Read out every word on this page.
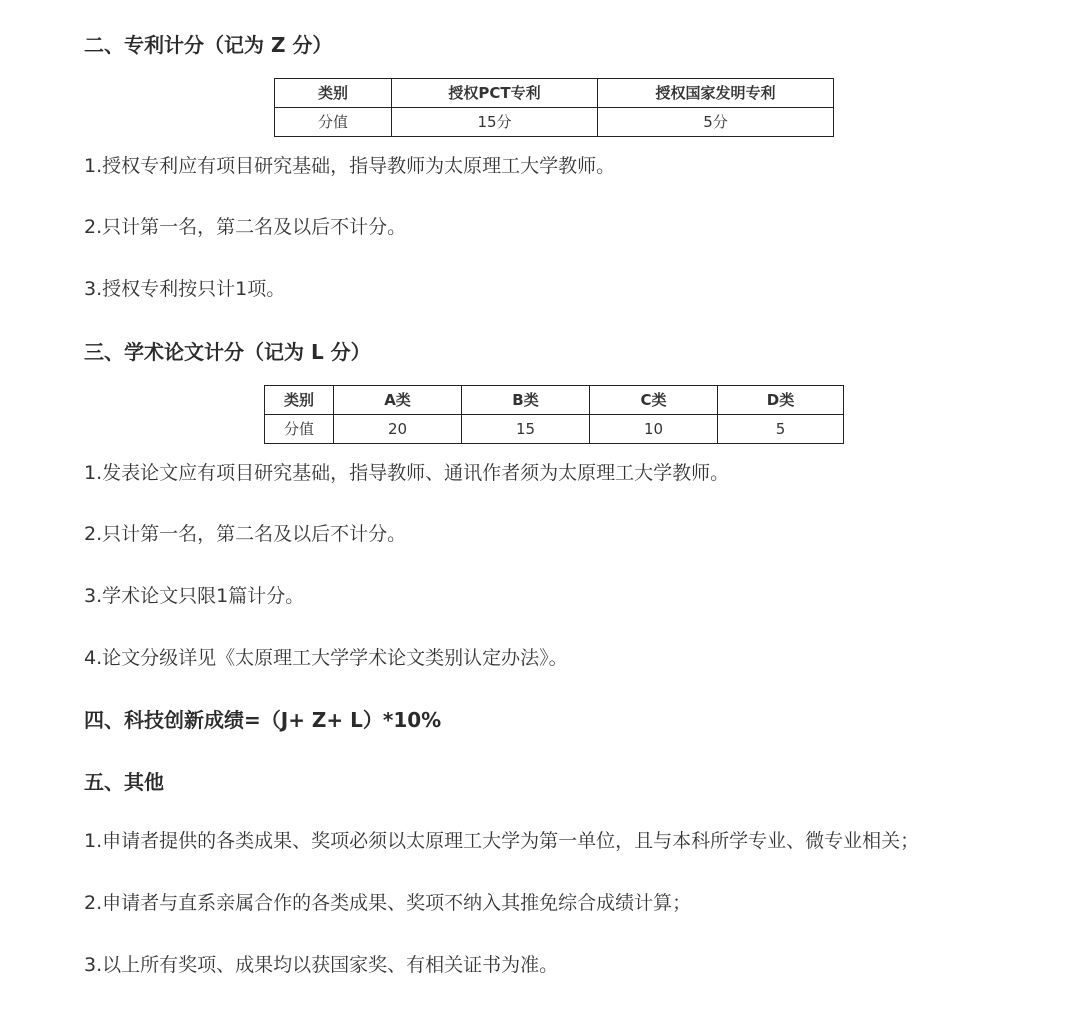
二、专利计分（记为 Z 分）
类别	授权PCT专利	授权国家发明专利
分值	15分	5分

1.授权专利应有项目研究基础，指导教师为太原理工大学教师。

2.只计第一名，第二名及以后不计分。

3.授权专利按只计1项。

三、学术论文计分（记为 L 分）
类别	A类	B类	C类	D类
分值	20	15	10	5

1.发表论文应有项目研究基础，指导教师、通讯作者须为太原理工大学教师。

2.只计第一名，第二名及以后不计分。

3.学术论文只限1篇计分。

4.论文分级详见《太原理工大学学术论文类别认定办法》。

四、科技创新成绩=（J+ Z+ L）*10%
五、其他

1.申请者提供的各类成果、奖项必须以太原理工大学为第一单位，且与本科所学专业、微专业相关；

2.申请者与直系亲属合作的各类成果、奖项不纳入其推免综合成绩计算；

3.以上所有奖项、成果均以获国家奖、有相关证书为准。
